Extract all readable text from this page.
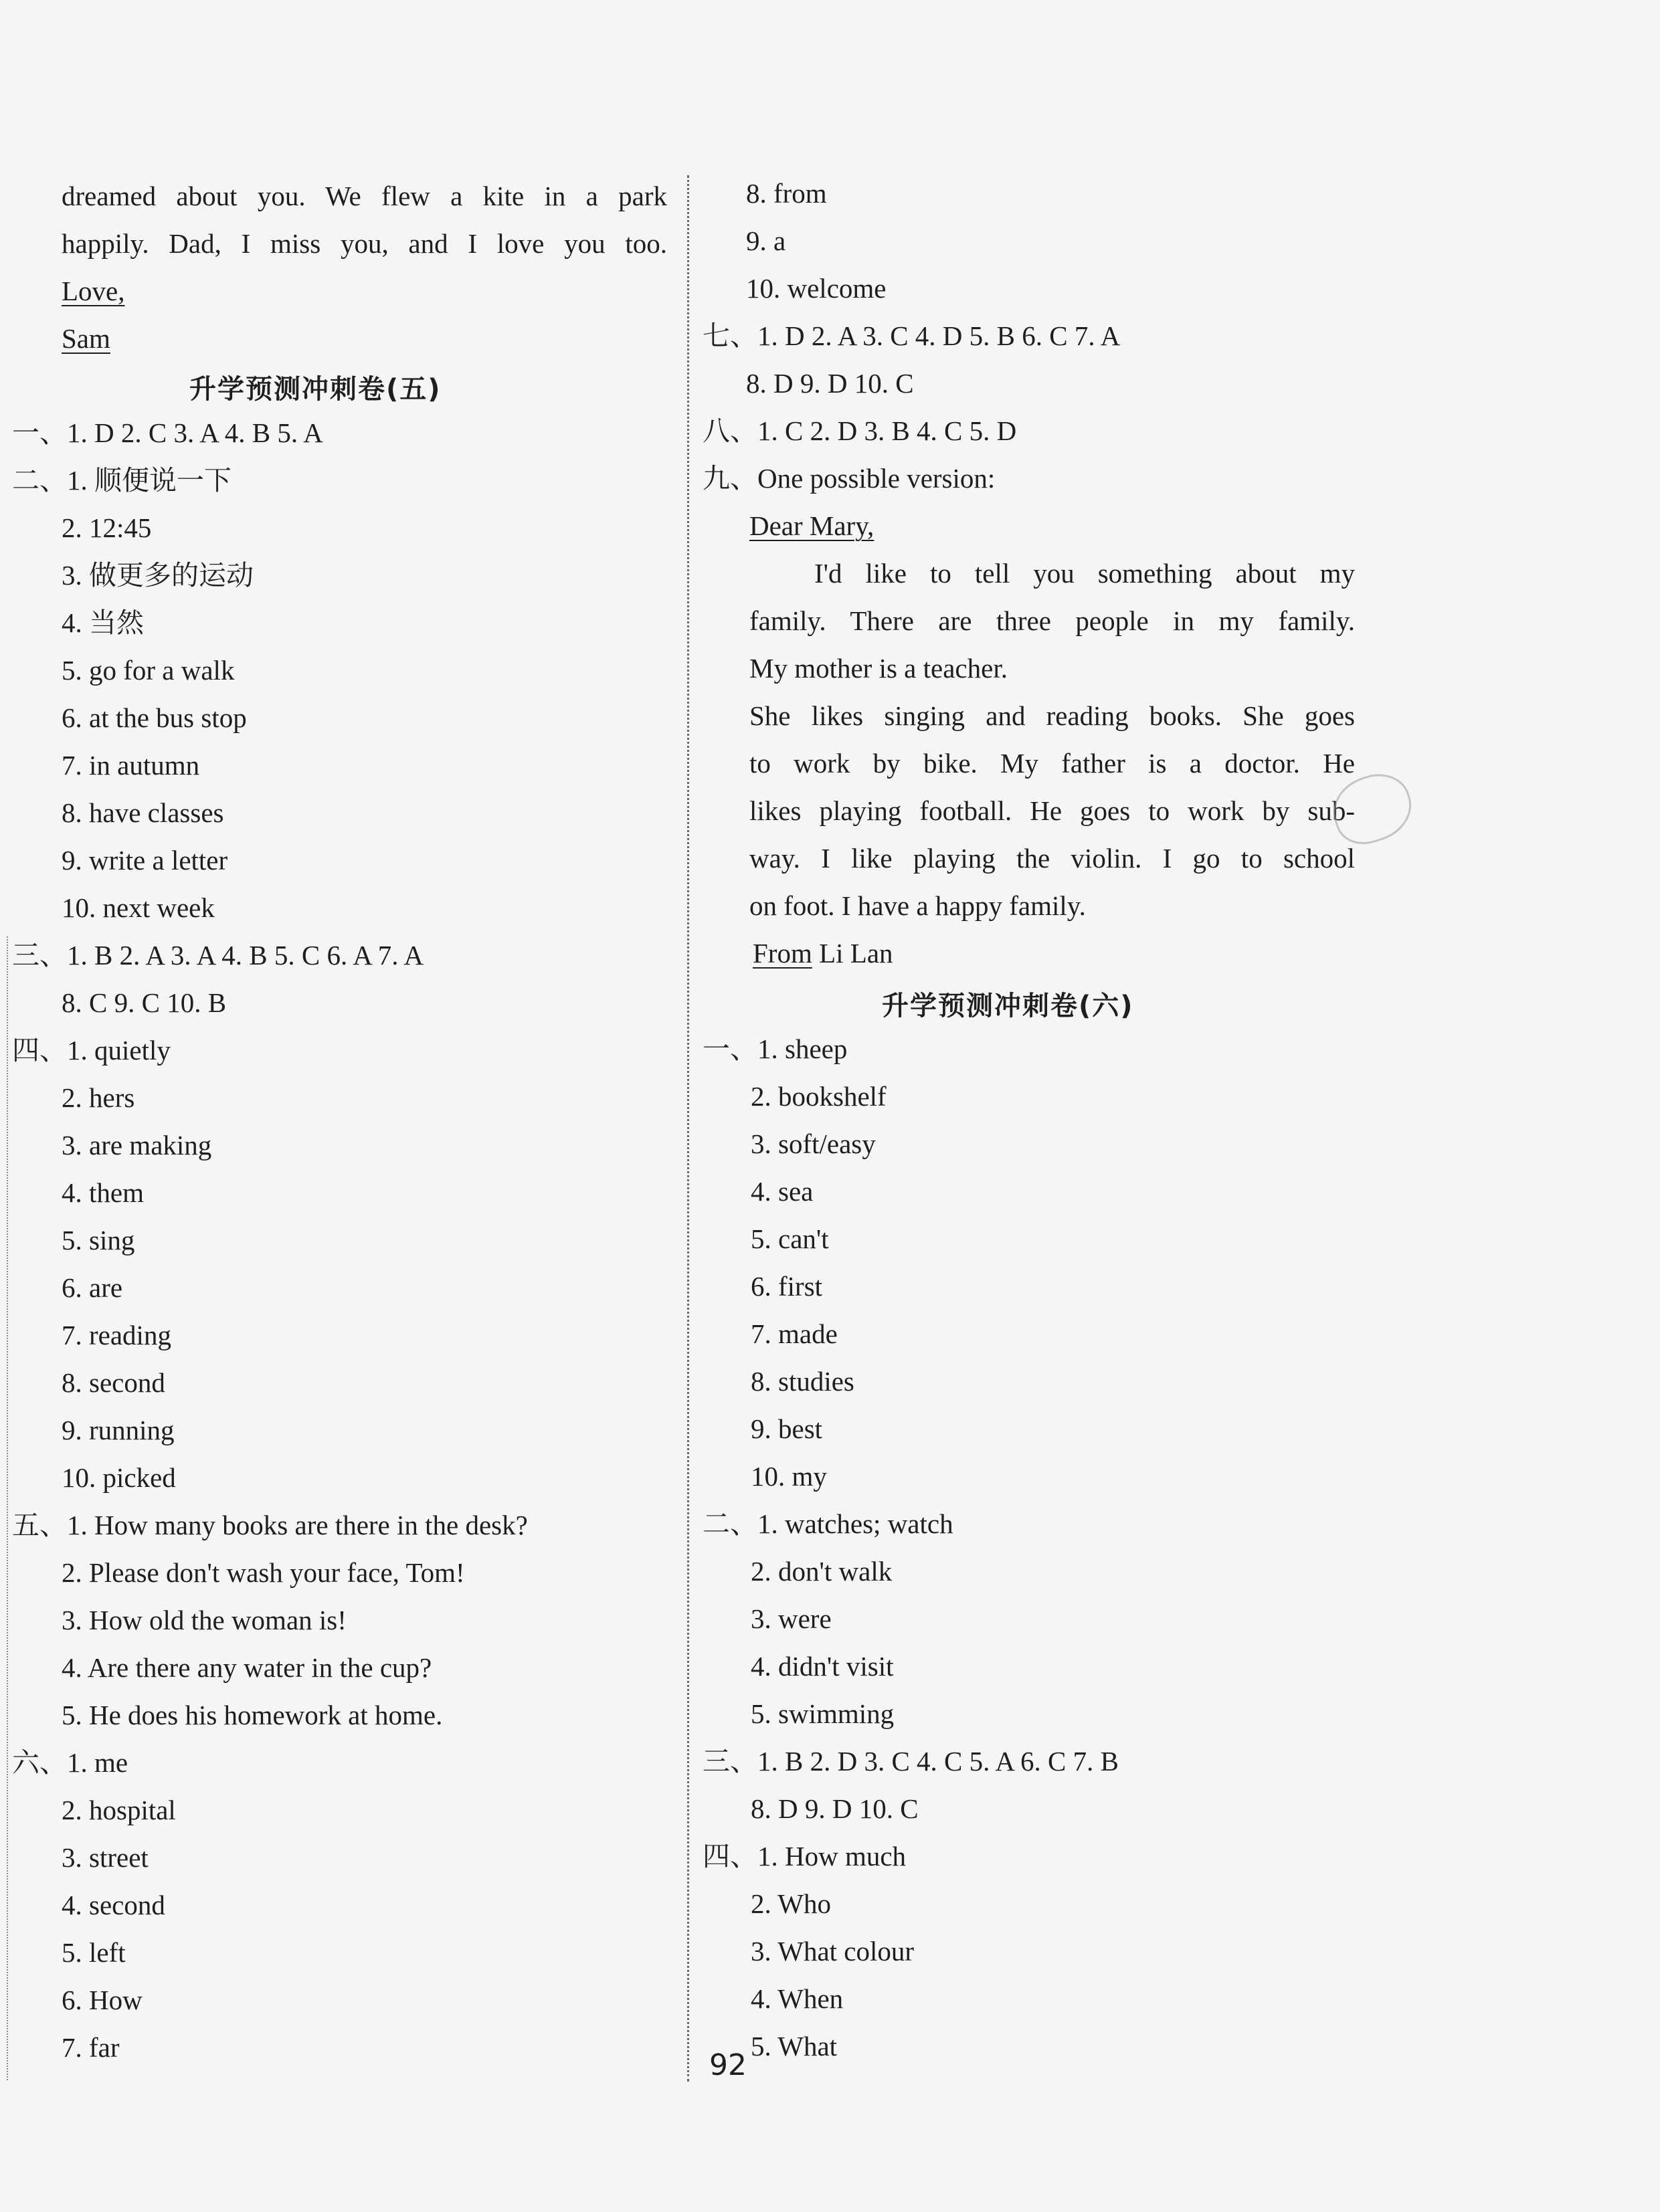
dreamed about you. We flew a kite in a park
happily. Dad, I miss you, and I love you too.
Love,
Sam
升学预测冲刺卷(五)
一、1. D 2. C 3. A 4. B 5. A
二、1. 顺便说一下
2. 12:45
3. 做更多的运动
4. 当然
5. go for a walk
6. at the bus stop
7. in autumn
8. have classes
9. write a letter
10. next week
三、1. B 2. A 3. A 4. B 5. C 6. A 7. A
8. C 9. C 10. B
四、1. quietly
2. hers
3. are making
4. them
5. sing
6. are
7. reading
8. second
9. running
10. picked
五、1. How many books are there in the desk?
2. Please don't wash your face, Tom!
3. How old the woman is!
4. Are there any water in the cup?
5. He does his homework at home.
六、1. me
2. hospital
3. street
4. second
5. left
6. How
7. far
8. from
9. a
10. welcome
七、1. D 2. A 3. C 4. D 5. B 6. C 7. A
8. D 9. D 10. C
八、1. C 2. D 3. B 4. C 5. D
九、One possible version:
Dear Mary,
I'd like to tell you something about my
family. There are three people in my family.
My mother is a teacher.
She likes singing and reading books. She goes
to work by bike. My father is a doctor. He
likes playing football. He goes to work by sub-
way. I like playing the violin. I go to school
on foot. I have a happy family.
From Li Lan
升学预测冲刺卷(六)
一、1. sheep
2. bookshelf
3. soft/easy
4. sea
5. can't
6. first
7. made
8. studies
9. best
10. my
二、1. watches; watch
2. don't walk
3. were
4. didn't visit
5. swimming
三、1. B 2. D 3. C 4. C 5. A 6. C 7. B
8. D 9. D 10. C
四、1. How much
2. Who
3. What colour
4. When
5. What
92
